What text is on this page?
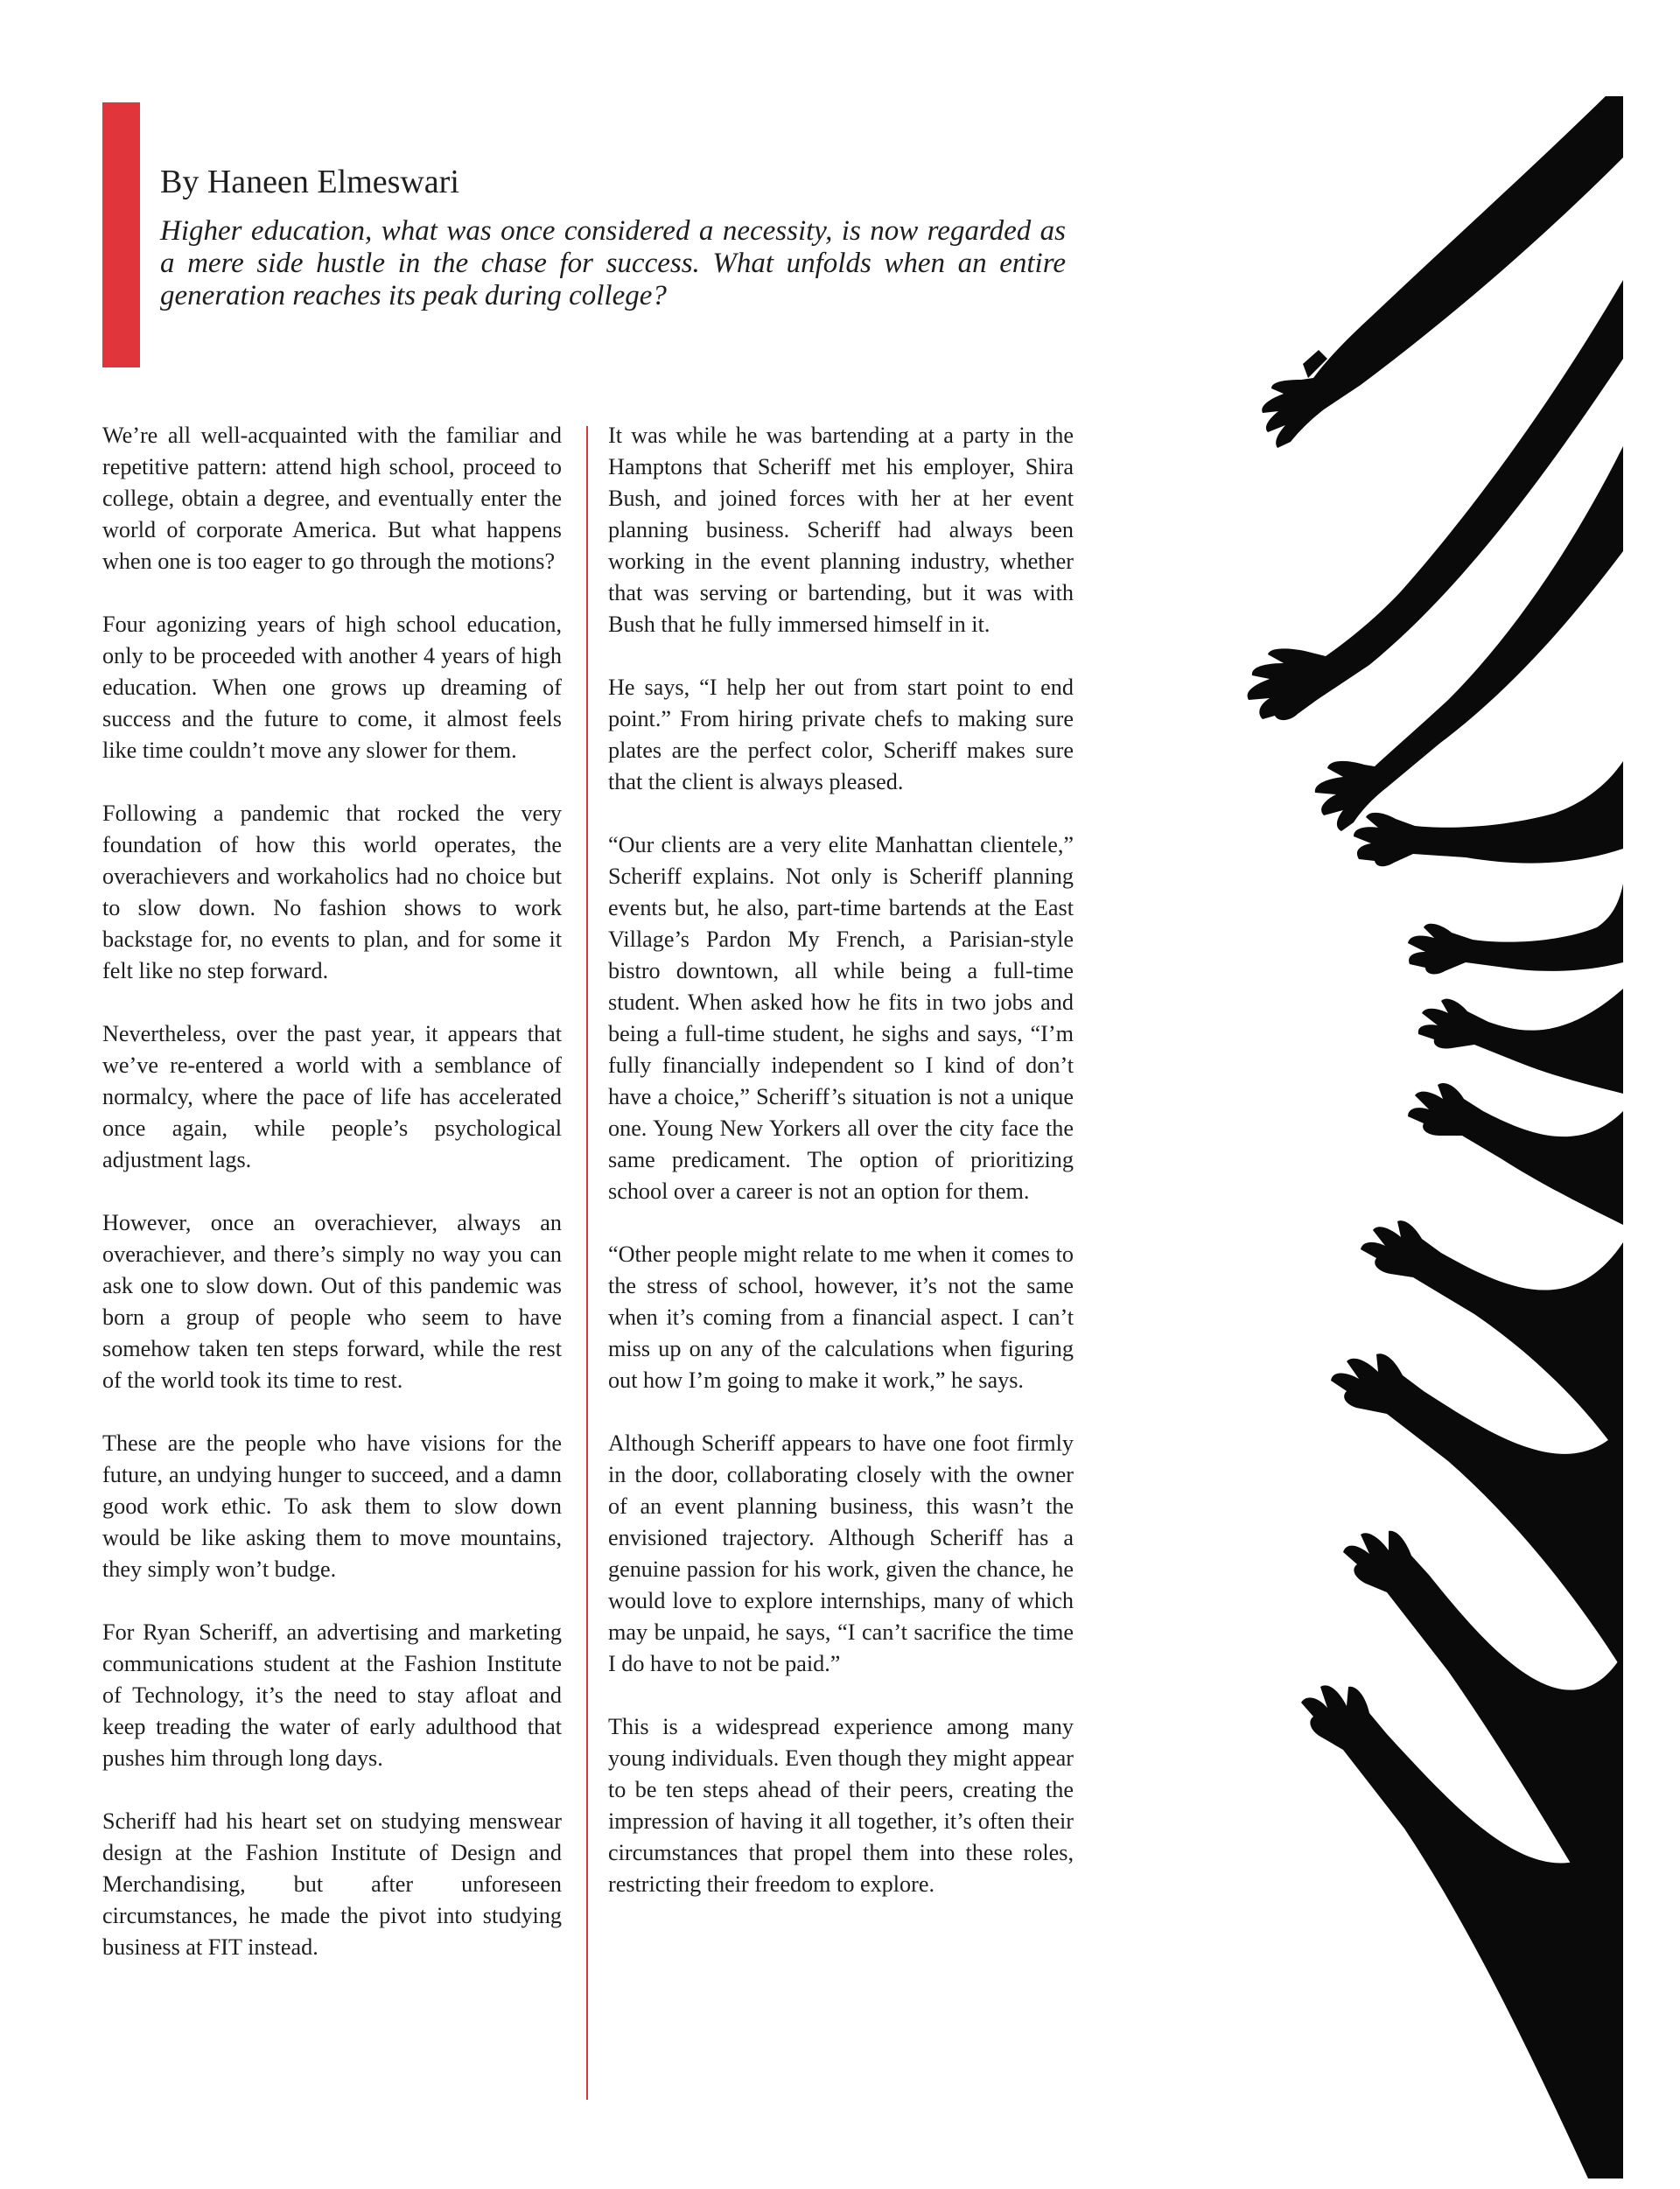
By Haneen Elmeswari

Higher education, what was once considered a necessity, is now regarded as a mere side hustle in the chase for success. What unfolds when an entire generation reaches its peak during college?

We’re all well-acquainted with the familiar and repetitive pattern: attend high school, proceed to college, obtain a degree, and eventually enter the world of corporate America. But what happens when one is too eager to go through the motions?

Four agonizing years of high school education, only to be proceeded with another 4 years of high education. When one grows up dreaming of success and the future to come, it almost feels like time couldn’t move any slower for them.

Following a pandemic that rocked the very foundation of how this world operates, the overachievers and workaholics had no choice but to slow down. No fashion shows to work backstage for, no events to plan, and for some it felt like no step forward.

Nevertheless, over the past year, it appears that we’ve re-entered a world with a semblance of normalcy, where the pace of life has accelerated once again, while people’s psychological adjustment lags.

However, once an overachiever, always an overachiever, and there’s simply no way you can ask one to slow down. Out of this pandemic was born a group of people who seem to have somehow taken ten steps forward, while the rest of the world took its time to rest.

These are the people who have visions for the future, an undying hunger to succeed, and a damn good work ethic. To ask them to slow down would be like asking them to move mountains, they simply won’t budge.

For Ryan Scheriff, an advertising and marketing communications student at the Fashion Institute of Technology, it’s the need to stay afloat and keep treading the water of early adulthood that pushes him through long days.

Scheriff had his heart set on studying menswear design at the Fashion Institute of Design and Merchandising, but after unforeseen circumstances, he made the pivot into studying business at FIT instead.

It was while he was bartending at a party in the Hamptons that Scheriff met his employer, Shira Bush, and joined forces with her at her event planning business. Scheriff had always been working in the event planning industry, whether that was serving or bartending, but it was with Bush that he fully immersed himself in it.

He says, “I help her out from start point to end point.” From hiring private chefs to making sure plates are the perfect color, Scheriff makes sure that the client is always pleased.

“Our clients are a very elite Manhattan clientele,” Scheriff explains. Not only is Scheriff planning events but, he also, part-time bartends at the East Village’s Pardon My French, a Parisian-style bistro downtown, all while being a full-time student. When asked how he fits in two jobs and being a full-time student, he sighs and says, “I’m fully financially independent so I kind of don’t have a choice,” Scheriff’s situation is not a unique one. Young New Yorkers all over the city face the same predicament. The option of prioritizing school over a career is not an option for them.

“Other people might relate to me when it comes to the stress of school, however, it’s not the same when it’s coming from a financial aspect. I can’t miss up on any of the calculations when figuring out how I’m going to make it work,” he says.

Although Scheriff appears to have one foot firmly in the door, collaborating closely with the owner of an event planning business, this wasn’t the envisioned trajectory. Although Scheriff has a genuine passion for his work, given the chance, he would love to explore internships, many of which may be unpaid, he says, “I can’t sacrifice the time I do have to not be paid.”

This is a widespread experience among many young individuals. Even though they might appear to be ten steps ahead of their peers, creating the impression of having it all together, it’s often their circumstances that propel them into these roles, restricting their freedom to explore.
